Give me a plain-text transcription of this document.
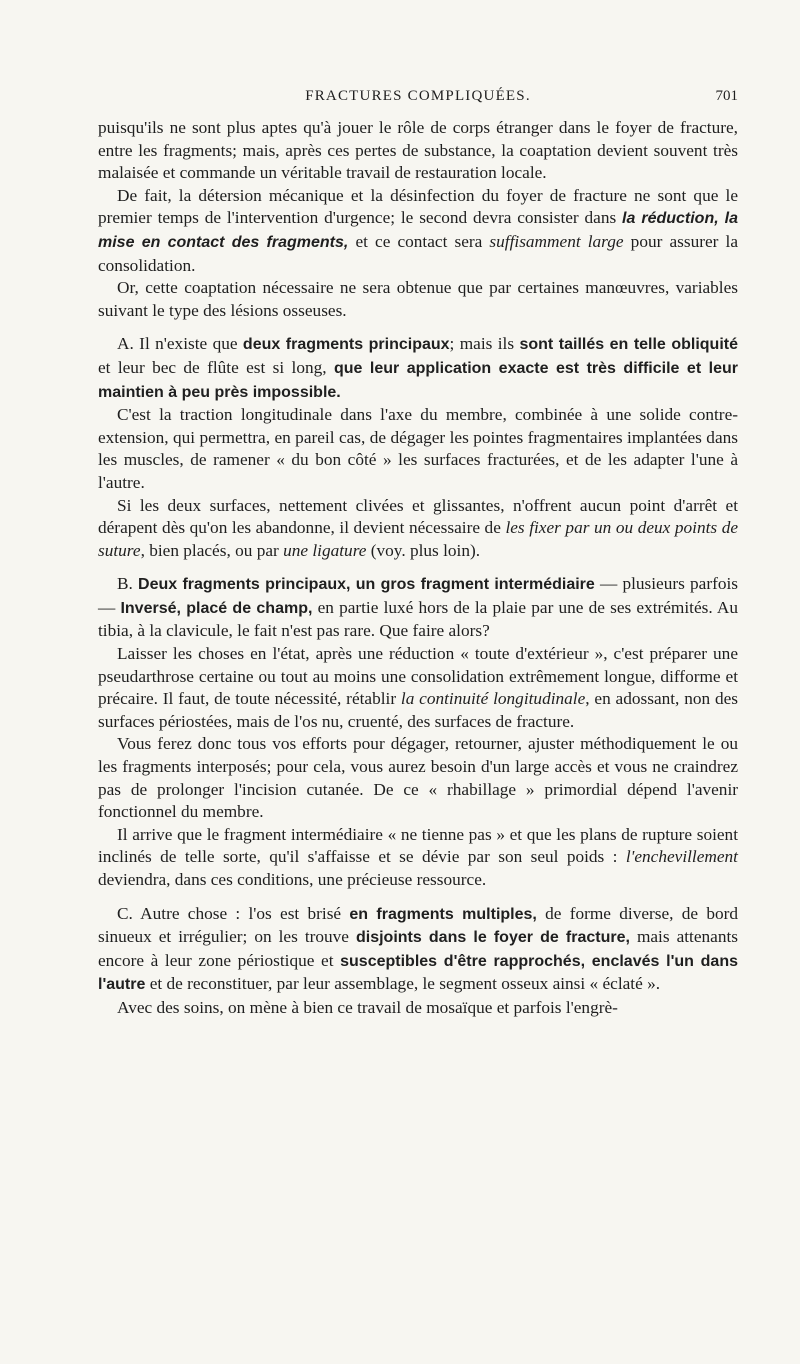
FRACTURES COMPLIQUÉES.	701

puisqu'ils ne sont plus aptes qu'à jouer le rôle de corps étranger dans le foyer de fracture, entre les fragments; mais, après ces pertes de substance, la coaptation devient souvent très malaisée et commande un véritable travail de restauration locale.

De fait, la détersion mécanique et la désinfection du foyer de fracture ne sont que le premier temps de l'intervention d'urgence; le second devra consister dans la réduction, la mise en contact des fragments, et ce contact sera suffisamment large pour assurer la consolidation.

Or, cette coaptation nécessaire ne sera obtenue que par certaines manœuvres, variables suivant le type des lésions osseuses.

A. Il n'existe que deux fragments principaux; mais ils sont taillés en telle obliquité et leur bec de flûte est si long, que leur application exacte est très difficile et leur maintien à peu près impossible.

C'est la traction longitudinale dans l'axe du membre, combinée à une solide contre-extension, qui permettra, en pareil cas, de dégager les pointes fragmentaires implantées dans les muscles, de ramener « du bon côté » les surfaces fracturées, et de les adapter l'une à l'autre.

Si les deux surfaces, nettement clivées et glissantes, n'offrent aucun point d'arrêt et dérapent dès qu'on les abandonne, il devient nécessaire de les fixer par un ou deux points de suture, bien placés, ou par une ligature (voy. plus loin).

B. Deux fragments principaux, un gros fragment intermédiaire — plusieurs parfois — Inversé, placé de champ, en partie luxé hors de la plaie par une de ses extrémités. Au tibia, à la clavicule, le fait n'est pas rare. Que faire alors?

Laisser les choses en l'état, après une réduction « toute d'extérieur », c'est préparer une pseudarthrose certaine ou tout au moins une consolidation extrêmement longue, difforme et précaire. Il faut, de toute nécessité, rétablir la continuité longitudinale, en adossant, non des surfaces périostées, mais de l'os nu, cruenté, des surfaces de fracture.

Vous ferez donc tous vos efforts pour dégager, retourner, ajuster méthodiquement le ou les fragments interposés; pour cela, vous aurez besoin d'un large accès et vous ne craindrez pas de prolonger l'incision cutanée. De ce « rhabillage » primordial dépend l'avenir fonctionnel du membre.

Il arrive que le fragment intermédiaire « ne tienne pas » et que les plans de rupture soient inclinés de telle sorte, qu'il s'affaisse et se dévie par son seul poids : l'enchevillement deviendra, dans ces conditions, une précieuse ressource.

C. Autre chose : l'os est brisé en fragments multiples, de forme diverse, de bord sinueux et irrégulier; on les trouve disjoints dans le foyer de fracture, mais attenants encore à leur zone périostique et susceptibles d'être rapprochés, enclavés l'un dans l'autre et de reconstituer, par leur assemblage, le segment osseux ainsi « éclaté ».

Avec des soins, on mène à bien ce travail de mosaïque et parfois l'engrè-
